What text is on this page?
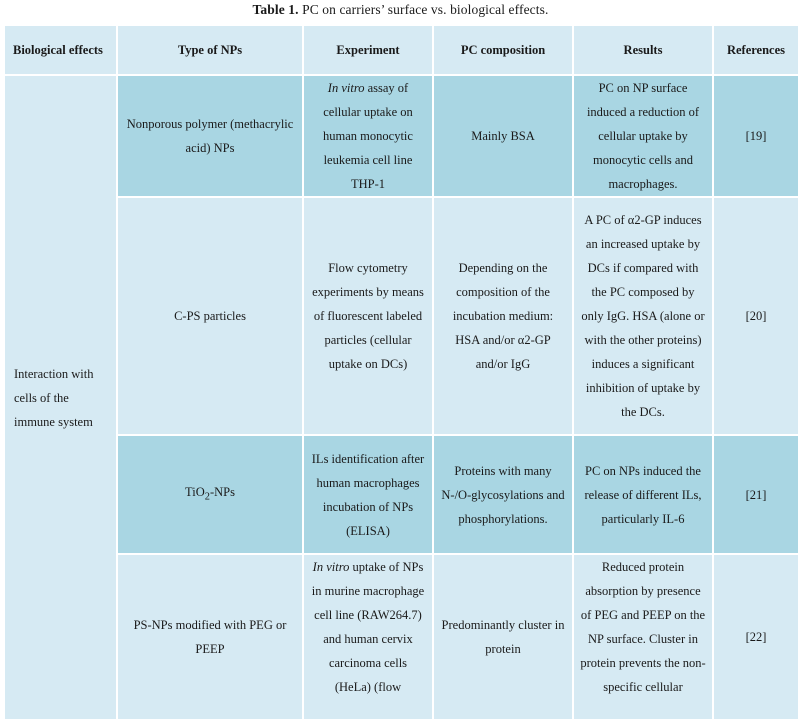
Table 1. PC on carriers’ surface vs. biological effects.
Biological effects	Type of NPs	Experiment	PC composition	Results	References
Interaction with cells of the immune system	Nonporous polymer (methacrylic acid) NPs	In vitro assay of cellular uptake on human monocytic leukemia cell line THP-1	Mainly BSA	PC on NP surface induced a reduction of cellular uptake by monocytic cells and macrophages.	[19]
	C-PS particles	Flow cytometry experiments by means of fluorescent labeled particles (cellular uptake on DCs)	Depending on the composition of the incubation medium: HSA and/or α2-GP and/or IgG	A PC of α2-GP induces an increased uptake by DCs if compared with the PC composed by only IgG. HSA (alone or with the other proteins) induces a significant inhibition of uptake by the DCs.	[20]
	TiO$_2$-NPs	ILs identification after human macrophages incubation of NPs (ELISA)	Proteins with many N-/O-glycosylations and phosphorylations.	PC on NPs induced the release of different ILs, particularly IL-6	[21]
	PS-NPs modified with PEG or PEEP	In vitro uptake of NPs in murine macrophage cell line (RAW264.7) and human cervix carcinoma cells (HeLa) (flow	Predominantly cluster in protein	Reduced protein absorption by presence of PEG and PEEP on the NP surface. Cluster in protein prevents the non-specific cellular	[22]
